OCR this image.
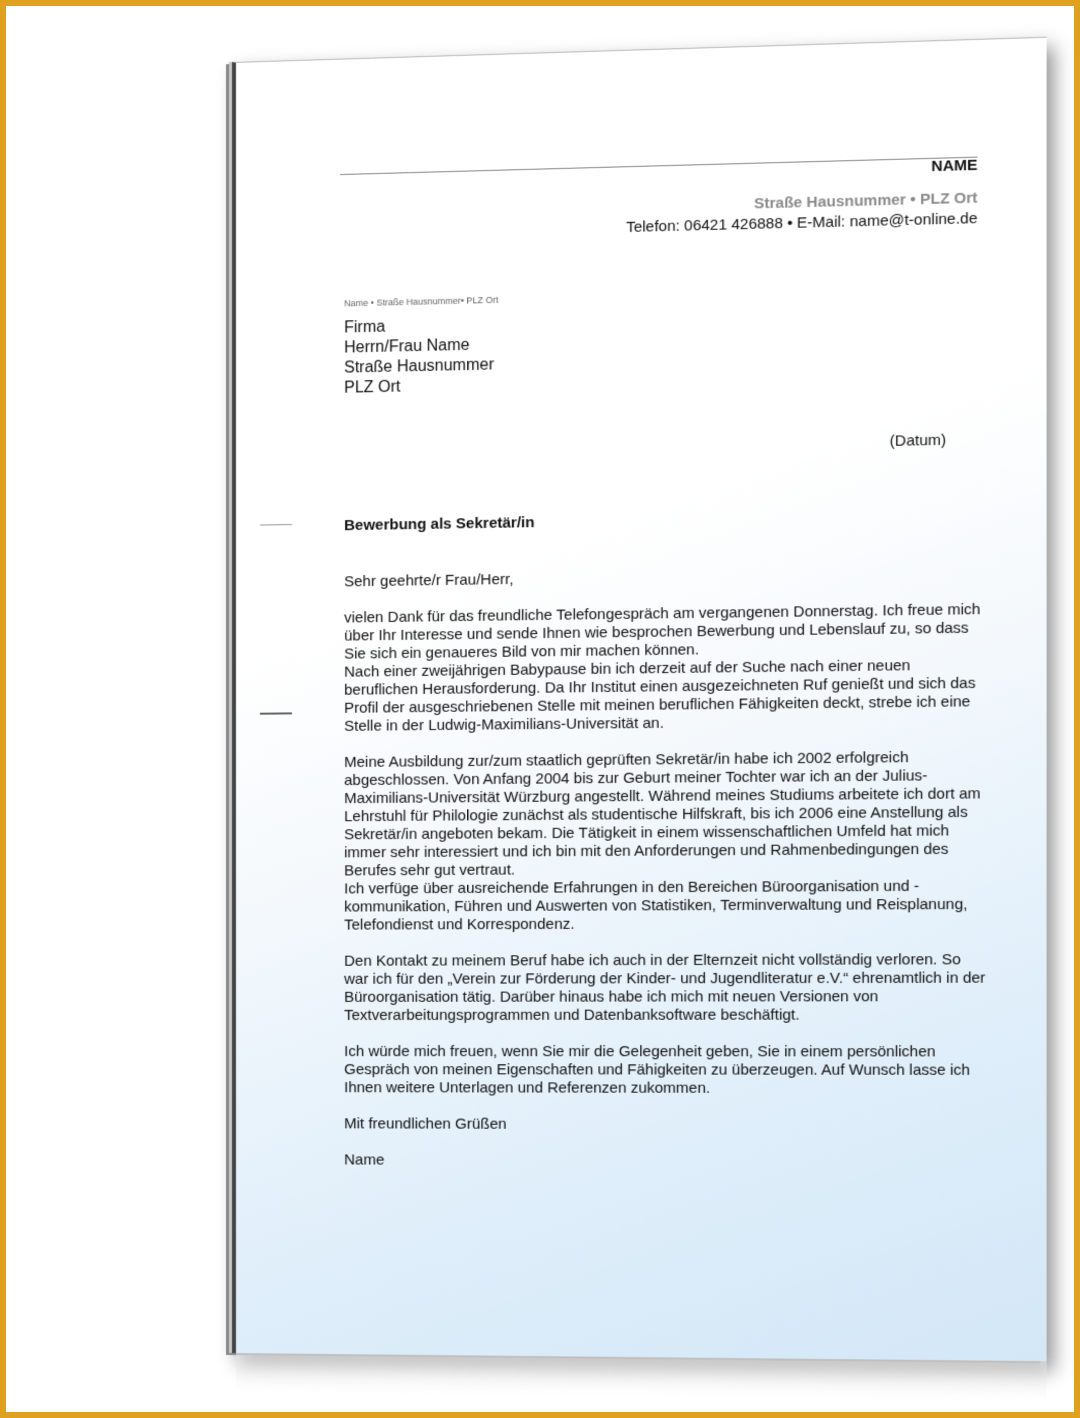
NAME
Straße Hausnummer • PLZ Ort
Telefon: 06421 426888 • E-Mail: name@t-online.de
Name • Straße Hausnummer• PLZ Ort
Firma
Herrn/Frau Name
Straße Hausnummer
PLZ Ort
(Datum)
Bewerbung als Sekretär/in

Sehr geehrte/r Frau/Herr,

vielen Dank für das freundliche Telefongespräch am vergangenen Donnerstag. Ich freue mich über Ihr Interesse und sende Ihnen wie besprochen Bewerbung und Lebenslauf zu, so dass Sie sich ein genaueres Bild von mir machen können.

Nach einer zweijährigen Babypause bin ich derzeit auf der Suche nach einer neuen beruflichen Herausforderung. Da Ihr Institut einen ausgezeichneten Ruf genießt und sich das Profil der ausgeschriebenen Stelle mit meinen beruflichen Fähigkeiten deckt, strebe ich eine Stelle in der Ludwig-Maximilians-Universität an.

Meine Ausbildung zur/zum staatlich geprüften Sekretär/in habe ich 2002 erfolgreich abgeschlossen. Von Anfang 2004 bis zur Geburt meiner Tochter war ich an der Julius-Maximilians-Universität Würzburg angestellt. Während meines Studiums arbeitete ich dort am Lehrstuhl für Philologie zunächst als studentische Hilfskraft, bis ich 2006 eine Anstellung als Sekretär/in angeboten bekam. Die Tätigkeit in einem wissenschaftlichen Umfeld hat mich immer sehr interessiert und ich bin mit den Anforderungen und Rahmenbedingungen des Berufes sehr gut vertraut.

Ich verfüge über ausreichende Erfahrungen in den Bereichen Büroorganisation und -kommunikation, Führen und Auswerten von Statistiken, Terminverwaltung und Reisplanung, Telefondienst und Korrespondenz.

Den Kontakt zu meinem Beruf habe ich auch in der Elternzeit nicht vollständig verloren. So war ich für den „Verein zur Förderung der Kinder- und Jugendliteratur e.V.“ ehrenamtlich in der Büroorganisation tätig. Darüber hinaus habe ich mich mit neuen Versionen von Textverarbeitungsprogrammen und Datenbanksoftware beschäftigt.

Ich würde mich freuen, wenn Sie mir die Gelegenheit geben, Sie in einem persönlichen Gespräch von meinen Eigenschaften und Fähigkeiten zu überzeugen. Auf Wunsch lasse ich Ihnen weitere Unterlagen und Referenzen zukommen.

Mit freundlichen Grüßen

Name
